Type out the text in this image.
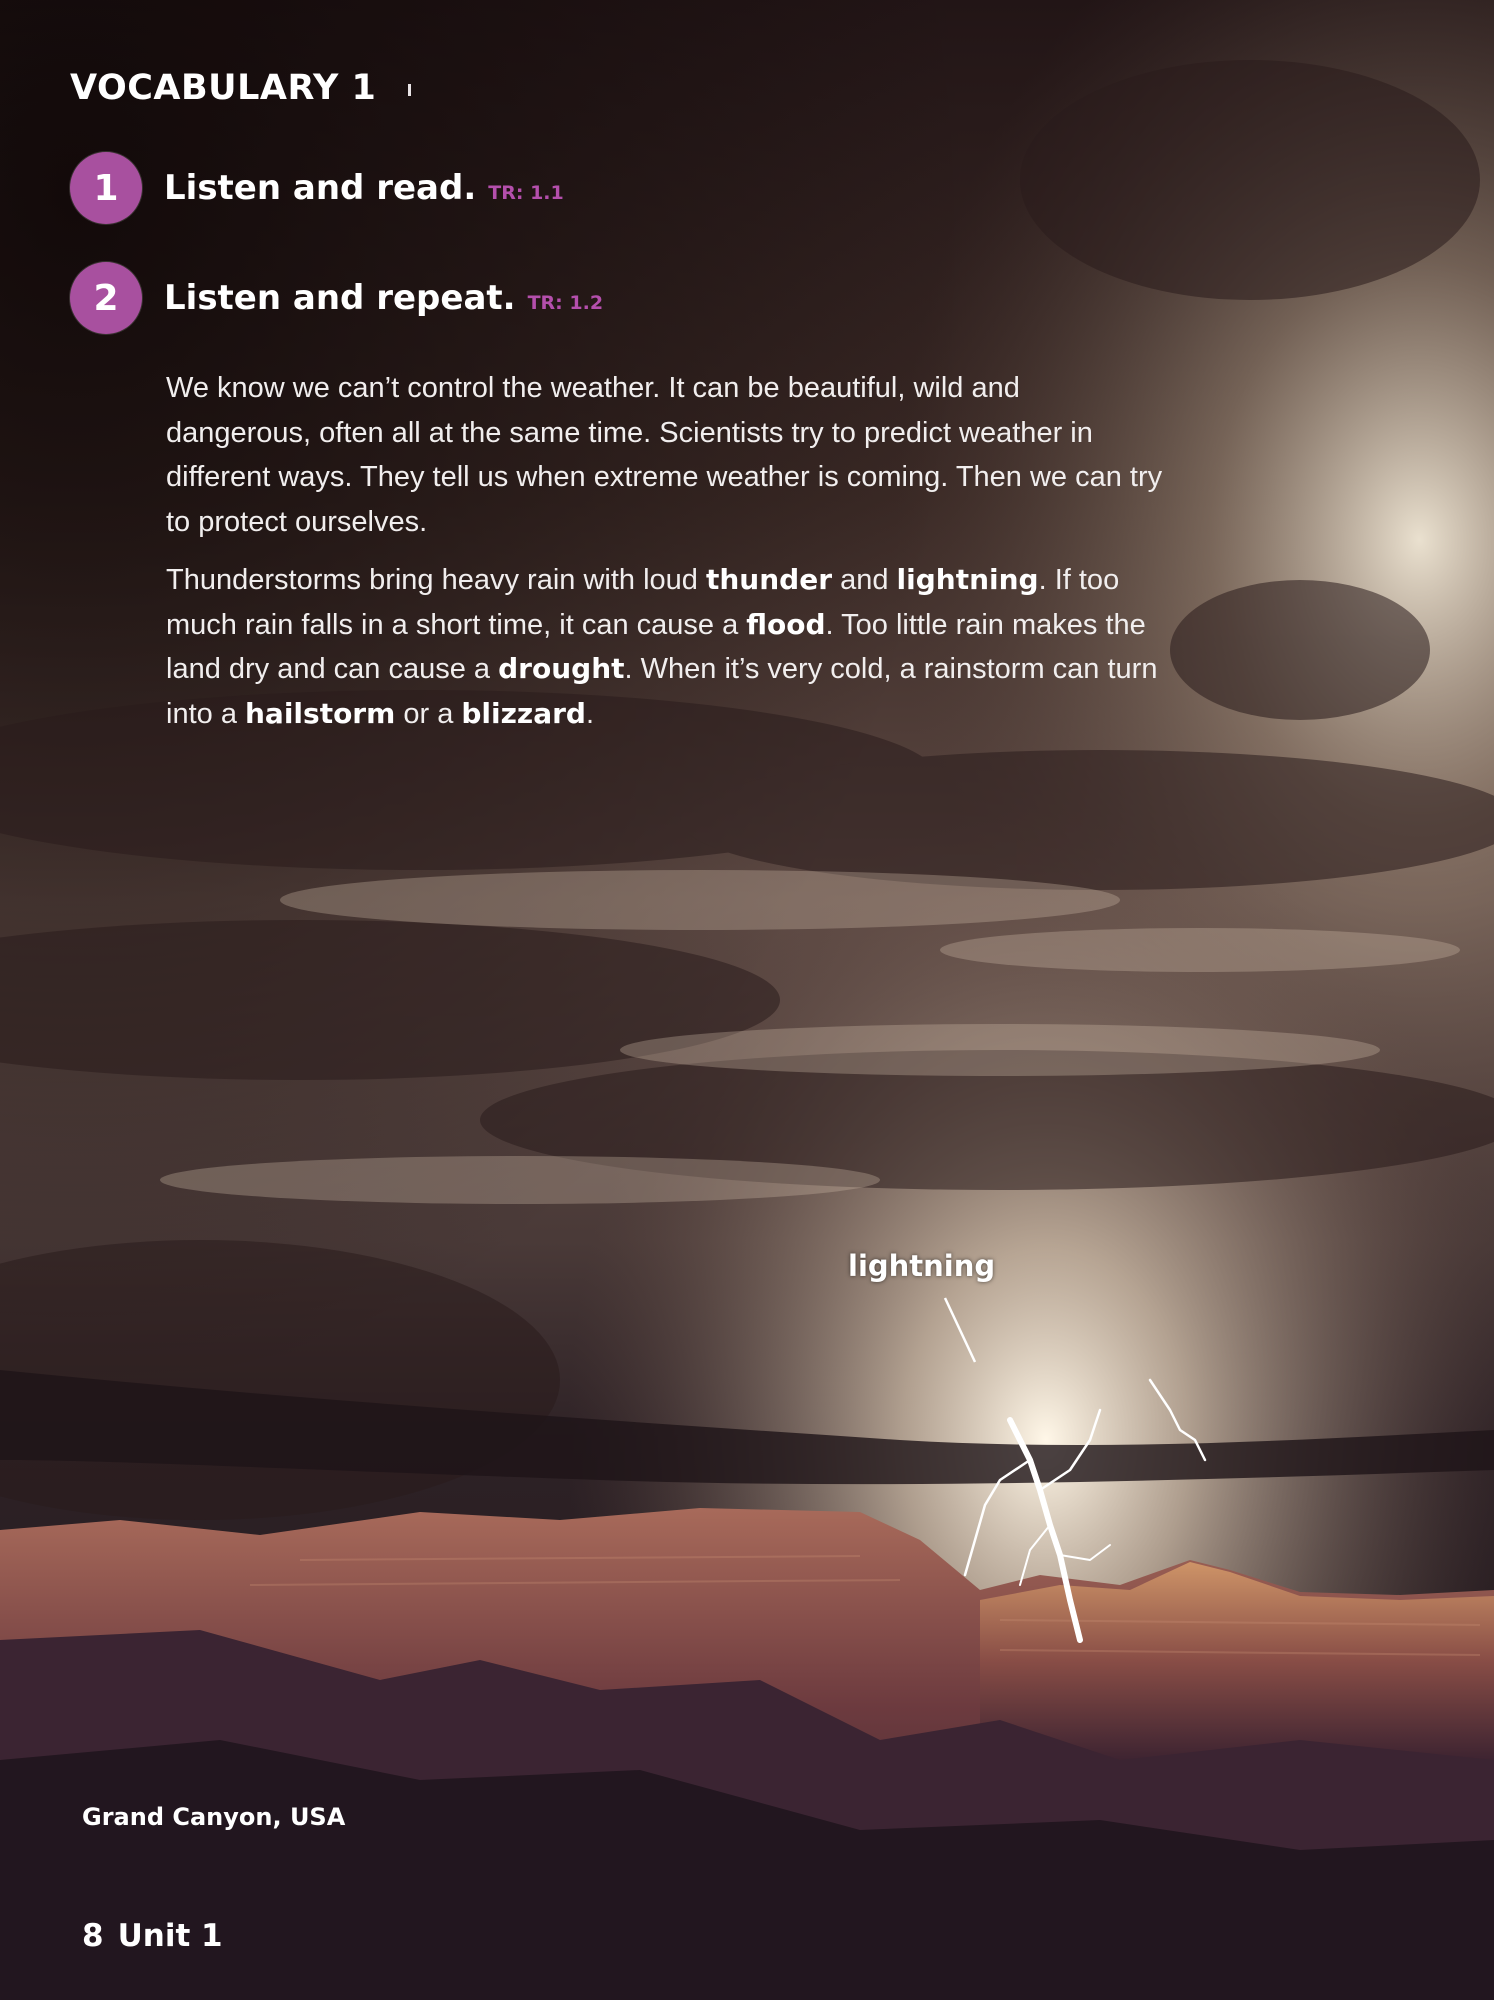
VOCABULARY 1
1	Listen and read. TR: 1.1
2	Listen and repeat. TR: 1.2

We know we can’t control the weather. It can be beautiful, wild and dangerous, often all at the same time. Scientists try to predict weather in different ways. They tell us when extreme weather is coming. Then we can try to protect ourselves.

Thunderstorms bring heavy rain with loud thunder and lightning. If too much rain falls in a short time, it can cause a flood. Too little rain makes the land dry and can cause a drought. When it’s very cold, a rainstorm can turn into a hailstorm or a blizzard.

lightning
Grand Canyon, USA
8 Unit 1
